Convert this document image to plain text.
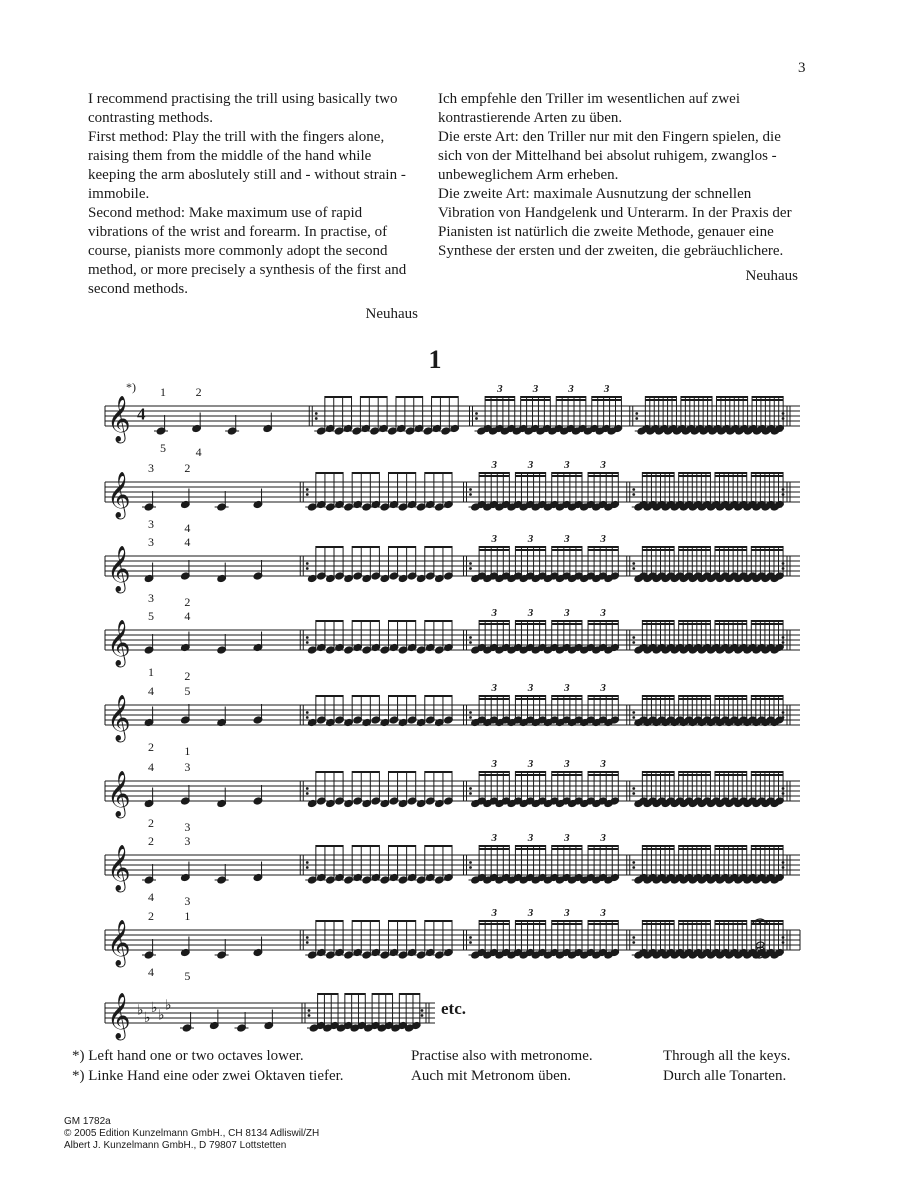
3

I recommend practising the trill using basically two contrasting methods.

First method: Play the trill with the fingers alone, raising them from the middle of the hand while keeping the arm aboslutely still and - without strain - immobile.

Second method: Make maximum use of rapid vibrations of the wrist and forearm. In practise, of course, pianists more commonly adopt the second method, or more precisely a synthesis of the first and second methods.

Neuhaus

Ich empfehle den Triller im wesentlichen auf zwei kontrastierende Arten zu üben.

Die erste Art: den Triller nur mit den Fingern spielen, die sich von der Mittelhand bei absolut ruhigem, zwanglos - unbeweglichem Arm erheben.

Die zweite Art: maximale Ausnutzung der schnellen Vibration von Handgelenk und Unterarm. In der Praxis der Pianisten ist natürlich die zweite Methode, genauer eine Synthese der ersten und der zweiten, die gebräuchlichere.

Neuhaus

1
*)
𝄞 4
3	3	3	3
1 2
5 4
𝄞
3	3	3	3
3	2
3	4
𝄞
3	3	3	3
3	4
3	2
𝄞
3	3	3	3
5	4
1	2
𝄞
3	3	3	3
4	5
2	1
𝄞
3	3	3	3
4	3
2	3
𝄞
3	3	3	3
2	3
4	3
𝄞
3	3	3	3
2	1
4	5
𝄞 ♭ ♭
♭ ♭
♭	etc.

*) Left hand one or two octaves lower.

*) Linke Hand eine oder zwei Oktaven tiefer.

Practise also with metronome.

Auch mit Metronom üben.

Through all the keys.

Durch alle Tonarten.

GM 1782a

© 2005 Edition Kunzelmann GmbH., CH 8134 Adliswil/ZH

Albert J. Kunzelmann GmbH., D 79807 Lottstetten
